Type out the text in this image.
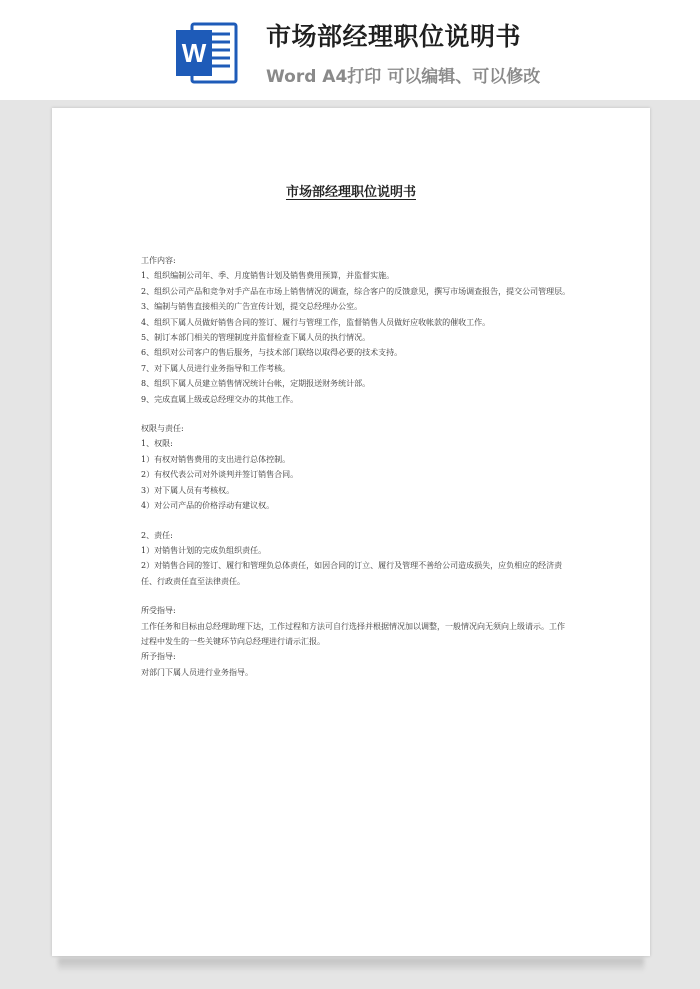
W
市场部经理职位说明书
Word A4打印 可以编辑、可以修改
市场部经理职位说明书

工作内容:

1、组织编制公司年、季、月度销售计划及销售费用预算，并监督实施。

2、组织公司产品和竞争对手产品在市场上销售情况的调查，综合客户的反馈意见，撰写市场调查报告，提交公司管理层。

3、编制与销售直接相关的广告宣传计划，提交总经理办公室。

4、组织下属人员做好销售合同的签订、履行与管理工作，监督销售人员做好应收帐款的催收工作。

5、制订本部门相关的管理制度并监督检查下属人员的执行情况。

6、组织对公司客户的售后服务，与技术部门联络以取得必要的技术支持。

7、对下属人员进行业务指导和工作考核。

8、组织下属人员建立销售情况统计台帐，定期报送财务统计部。

9、完成直属上级或总经理交办的其他工作。

权限与责任:

1、权限:

1）有权对销售费用的支出进行总体控制。

2）有权代表公司对外谈判并签订销售合同。

3）对下属人员有考核权。

4）对公司产品的价格浮动有建议权。

2、责任:

1）对销售计划的完成负组织责任。

2）对销售合同的签订、履行和管理负总体责任，如因合同的订立、履行及管理不善给公司造成损失，应负相应的经济责任、行政责任直至法律责任。

所受指导:

工作任务和目标由总经理助理下达，工作过程和方法可自行选择并根据情况加以调整，一般情况向无须向上级请示。工作过程中发生的一些关键环节向总经理进行请示汇报。

所予指导:

对部门下属人员进行业务指导。
